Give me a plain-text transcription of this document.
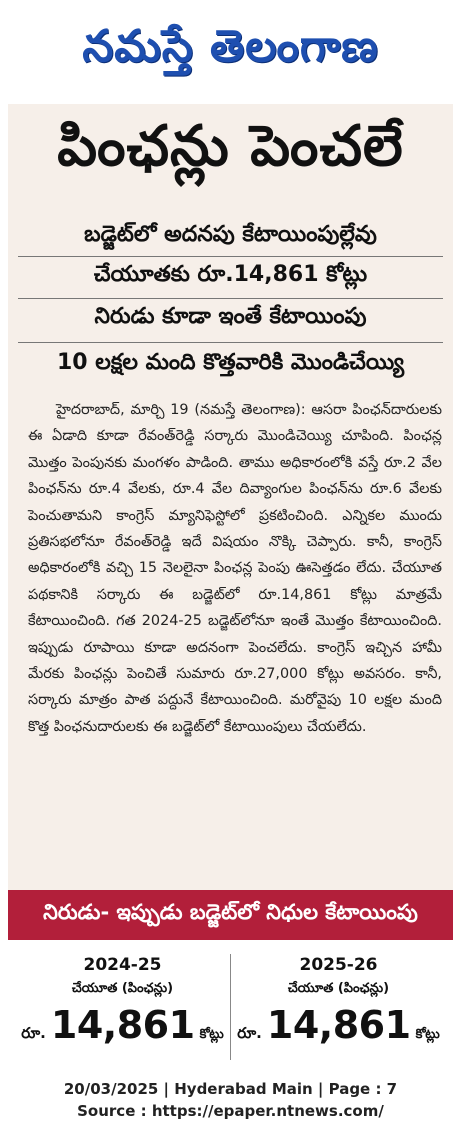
నమస్తే తెలంగాణ
పింఛన్లు పెంచలే
బడ్జెట్‌లో అదనపు కేటాయింపుల్లేవు
చేయూతకు రూ.14,861 కోట్లు
నిరుడు కూడా ఇంతే కేటాయింపు
10 లక్షల మంది కొత్తవారికి మొండిచేయ్యి

హైదరాబాద్, మార్చి 19 (నమస్తే తెలంగాణ): ఆసరా పింఛన్‌దారులకు ఈ ఏడాది కూడా రేవంత్‌రెడ్డి సర్కారు మొండిచెయ్యి చూపింది. పింఛన్ల మొత్తం పెంపునకు మంగళం పాడింది. తాము అధికారంలోకి వస్తే రూ.2 వేల పింఛన్‌ను రూ.4 వేలకు, రూ.4 వేల దివ్యాంగుల పింఛన్‌ను రూ.6 వేలకు పెంచుతామని కాంగ్రెస్ మ్యానిఫెస్టోలో ప్రకటించింది. ఎన్నికల ముందు ప్రతిసభలోనూ రేవంత్‌రెడ్డి ఇదే విషయం నొక్కి చెప్పారు. కానీ, కాంగ్రెస్ అధికారంలోకి వచ్చి 15 నెలలైనా పింఛన్ల పెంపు ఊసెత్తడం లేదు. చేయూత పథకానికి సర్కారు ఈ బడ్జెట్‌లో రూ.14,861 కోట్లు మాత్రమే కేటాయించింది. గత 2024-25 బడ్జెట్‌లోనూ ఇంతే మొత్తం కేటాయించింది. ఇప్పుడు రూపాయి కూడా అదనంగా పెంచలేదు. కాంగ్రెస్ ఇచ్చిన హామీ మేరకు పింఛన్లు పెంచితే సుమారు రూ.27,000 కోట్లు అవసరం. కానీ, సర్కారు మాత్రం పాత పద్దునే కేటాయించింది. మరోవైపు 10 లక్షల మంది కొత్త పింఛనుదారులకు ఈ బడ్జెట్‌లో కేటాయింపులు చేయలేదు.

నిరుడు- ఇప్పుడు బడ్జెట్‌లో నిధుల కేటాయింపు
2024-25
చేయూత (పింఛన్లు)
రూ. 14,861 కోట్లు
2025-26
చేయూత (పింఛన్లు)
రూ. 14,861 కోట్లు
20/03/2025 | Hyderabad Main | Page : 7
Source : https://epaper.ntnews.com/
